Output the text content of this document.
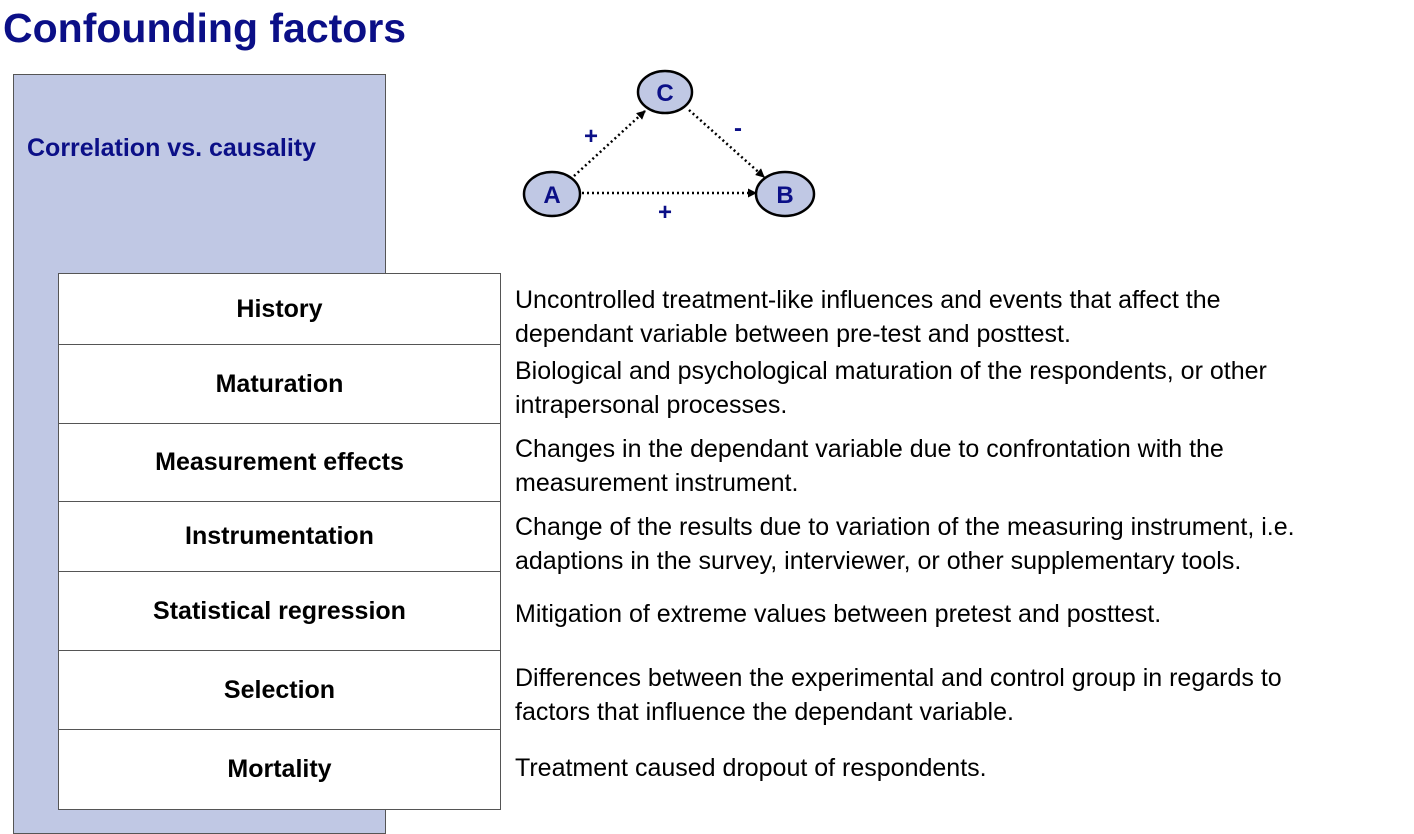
Confounding factors
Correlation vs. causality
C
A	B
+	-
+
History
Maturation
Measurement effects
Instrumentation
Statistical regression
Selection
Mortality
Uncontrolled treatment-like influences and events that affect the
dependant variable between pre-test and posttest.
Biological and psychological maturation of the respondents, or other
intrapersonal processes.
Changes in the dependant variable due to confrontation with the
measurement instrument.
Change of the results due to variation of the measuring instrument, i.e.
adaptions in the survey, interviewer, or other supplementary tools.
Mitigation of extreme values between pretest and posttest.
Differences between the experimental and control group in regards to
factors that influence the dependant variable.
Treatment caused dropout of respondents.
